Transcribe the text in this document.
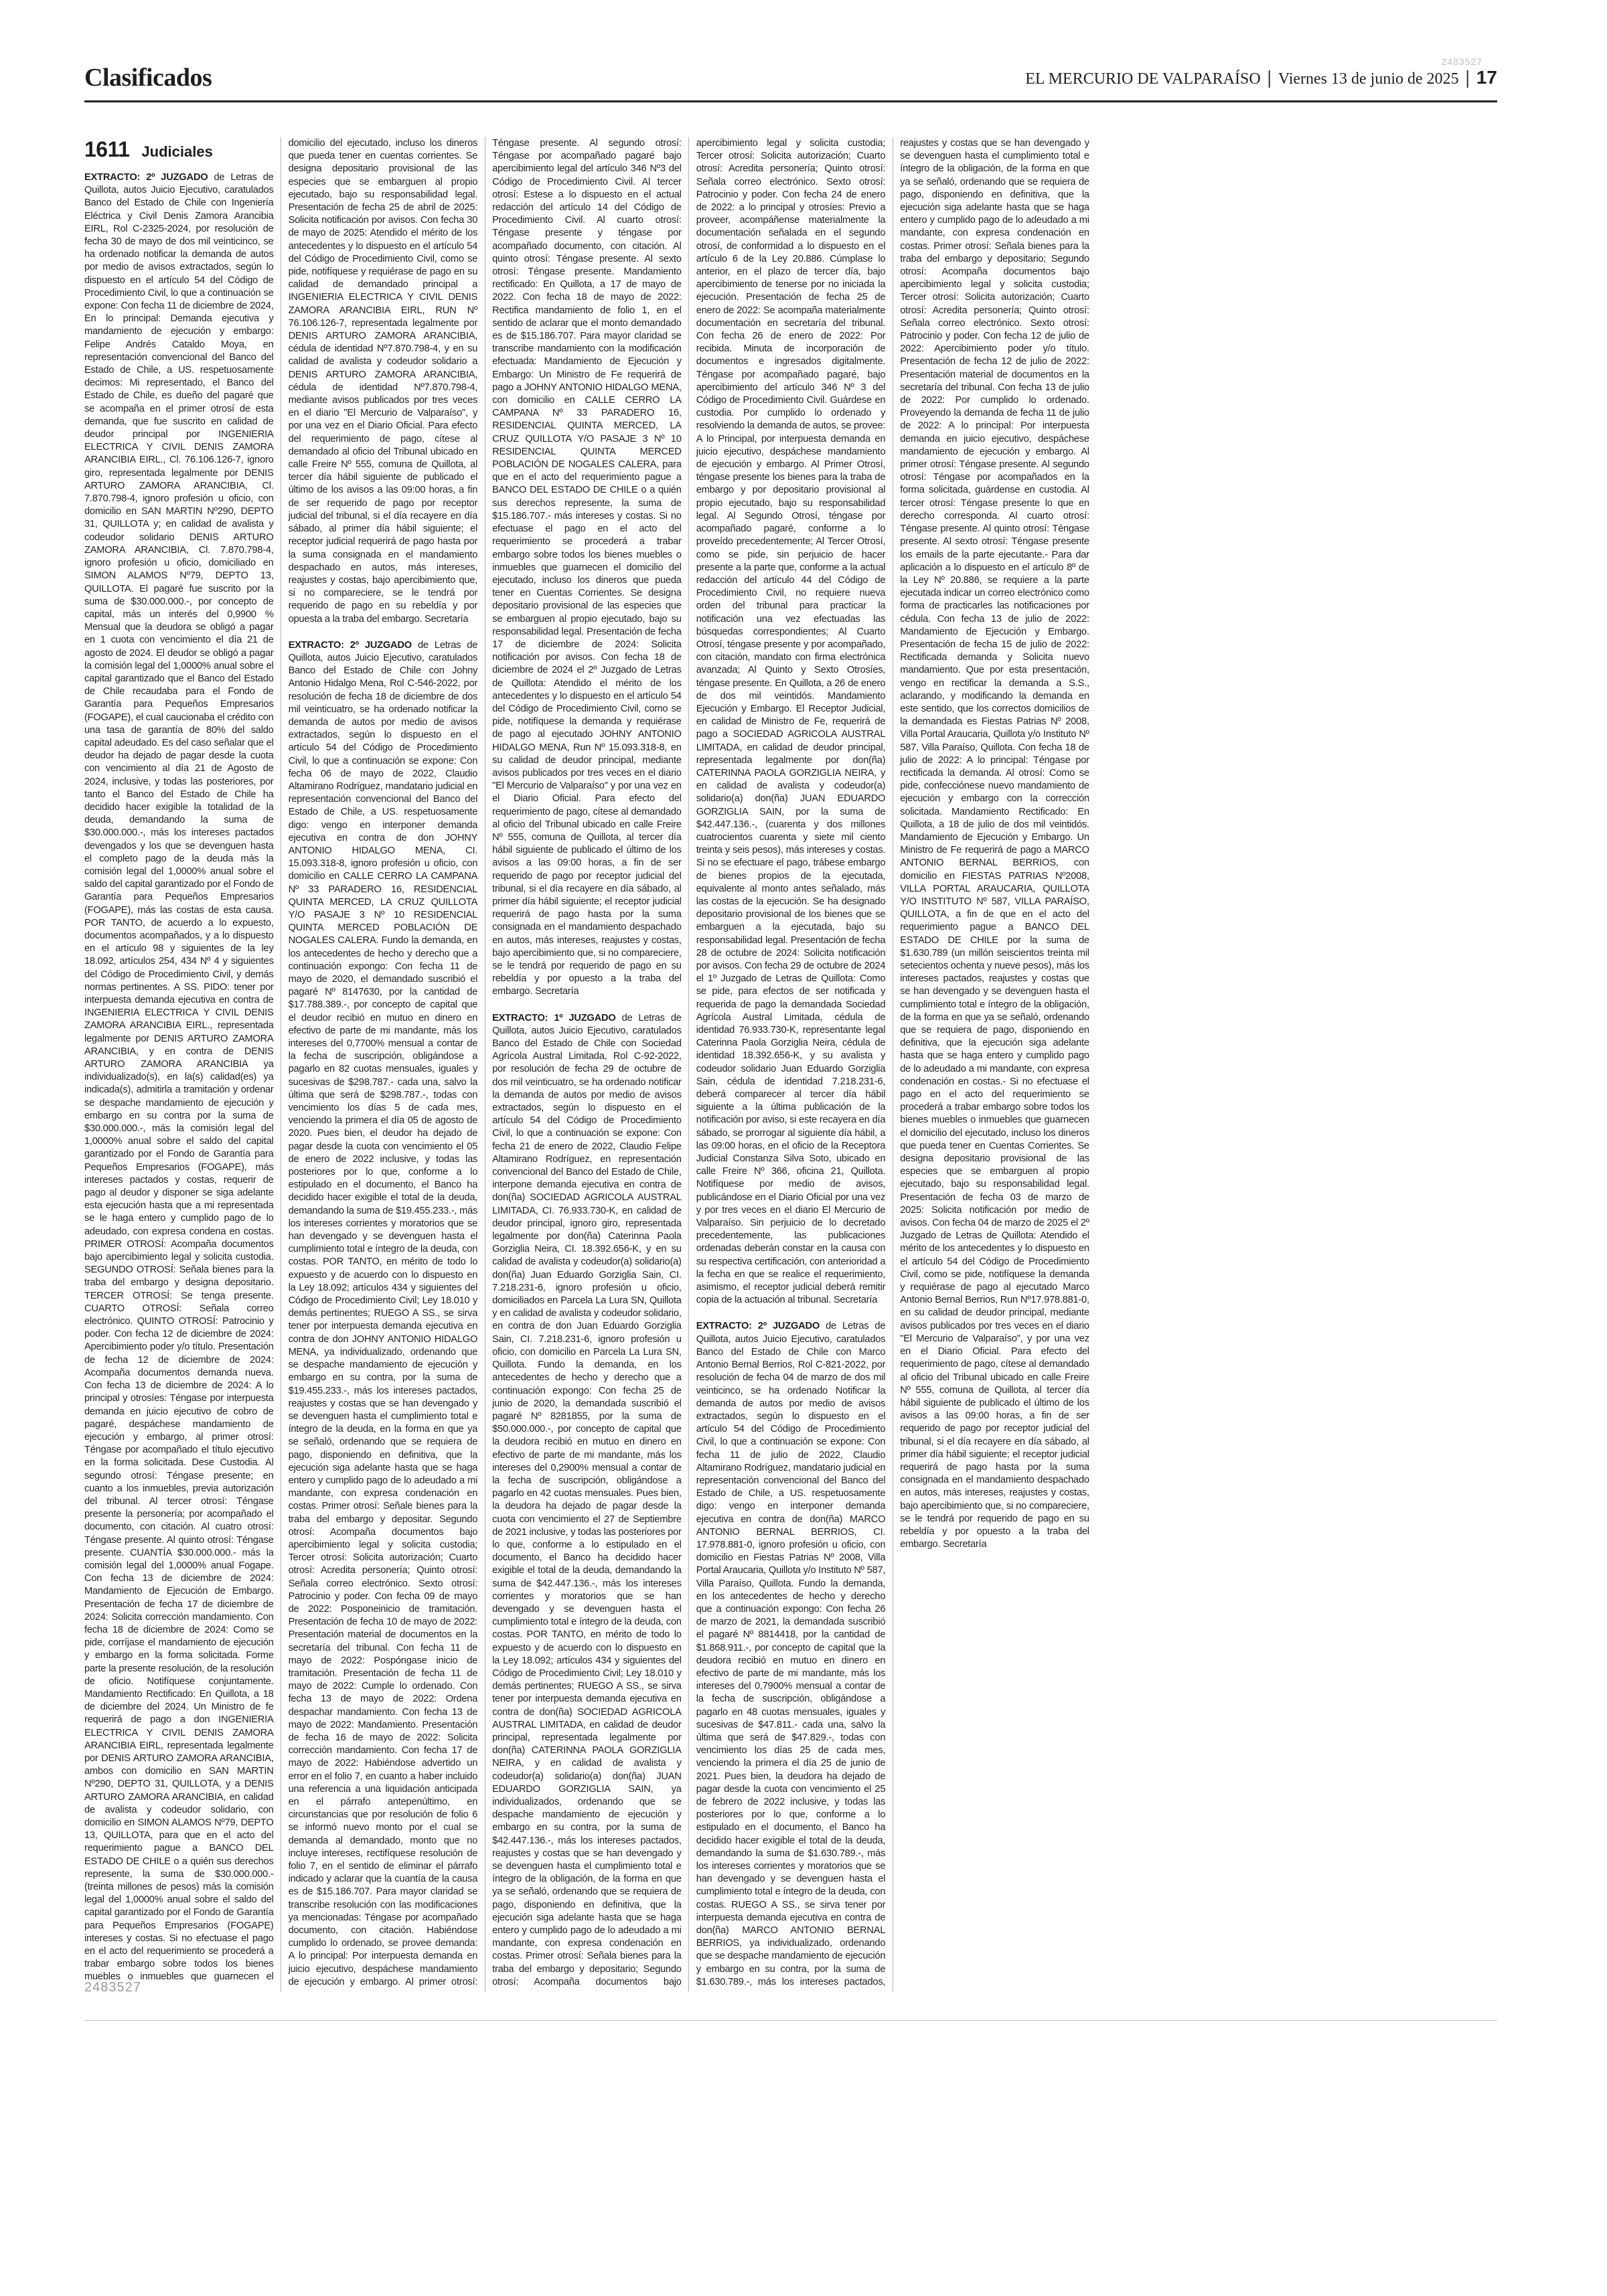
2483527
Clasificados	EL MERCURIO DE VALPARAÍSO | Viernes 13 de junio de 2025 | 17
1611 Judiciales

EXTRACTO: 2º JUZGADO de Letras de Quillota, autos Juicio Ejecutivo, caratulados Banco del Estado de Chile con Ingeniería Eléctrica y Civil Denis Zamora Arancibia EIRL, Rol C-2325-2024, por resolución de fecha 30 de mayo de dos mil veinticinco, se ha ordenado notificar la demanda de autos por medio de avisos extractados, según lo dispuesto en el artículo 54 del Código de Procedimiento Civil, lo que a continuación se expone: Con fecha 11 de diciembre de 2024, En lo principal: Demanda ejecutiva y mandamiento de ejecución y embargo: Felipe Andrés Cataldo Moya, en representación convencional del Banco del Estado de Chile, a US. respetuosamente decimos: Mi representado, el Banco del Estado de Chile, es dueño del pagaré que se acompaña en el primer otrosí de esta demanda, que fue suscrito en calidad de deudor principal por INGENIERIA ELECTRICA Y CIVIL DENIS ZAMORA ARANCIBIA EIRL., Cl. 76.106.126-7, ignoro giro, representada legalmente por DENIS ARTURO ZAMORA ARANCIBIA, Cl. 7.870.798-4, ignoro profesión u oficio, con domicilio en SAN MARTIN Nº290, DEPTO 31, QUILLOTA y; en calidad de avalista y codeudor solidario DENIS ARTURO ZAMORA ARANCIBIA, Cl. 7.870.798-4, ignoro profesión u oficio, domiciliado en SIMON ALAMOS Nº79, DEPTO 13, QUILLOTA. El pagaré fue suscrito por la suma de $30.000.000.-, por concepto de capital, más un interés del 0,9900 % Mensual que la deudora se obligó a pagar en 1 cuota con vencimiento el día 21 de agosto de 2024. El deudor se obligó a pagar la comisión legal del 1,0000% anual sobre el capital garantizado que el Banco del Estado de Chile recaudaba para el Fondo de Garantía para Pequeños Empresarios (FOGAPE), el cual caucionaba el crédito con una tasa de garantía de 80% del saldo capital adeudado. Es del caso señalar que el deudor ha dejado de pagar desde la cuota con vencimiento al día 21 de Agosto de 2024, inclusive, y todas las posteriores, por tanto el Banco del Estado de Chile ha decidido hacer exigible la totalidad de la deuda, demandando la suma de $30.000.000.-, más los intereses pactados devengados y los que se devenguen hasta el completo pago de la deuda más la comisión legal del 1,0000% anual sobre el saldo del capital garantizado por el Fondo de Garantía para Pequeños Empresarios (FOGAPE), más las costas de esta causa. POR TANTO, de acuerdo a lo expuesto, documentos acompañados, y a lo dispuesto en el artículo 98 y siguientes de la ley 18.092, artículos 254, 434 Nº 4 y siguientes del Código de Procedimiento Civil, y demás normas pertinentes. A SS. PIDO: tener por interpuesta demanda ejecutiva en contra de INGENIERIA ELECTRICA Y CIVIL DENIS ZAMORA ARANCIBIA EIRL., representada legalmente por DENIS ARTURO ZAMORA ARANCIBIA, y en contra de DENIS ARTURO ZAMORA ARANCIBIA ya individualizado(s), en la(s) calidad(es) ya indicada(s), admitirla a tramitación y ordenar se despache mandamiento de ejecución y embargo en su contra por la suma de $30.000.000.-, más la comisión legal del 1,0000% anual sobre el saldo del capital garantizado por el Fondo de Garantía para Pequeños Empresarios (FOGAPE), más intereses pactados y costas, requerir de pago al deudor y disponer se siga adelante esta ejecución hasta que a mi representada se le haga entero y cumplido pago de lo adeudado, con expresa condena en costas. PRIMER OTROSÍ: Acompaña documentos bajo apercibimiento legal y solicita custodia. SEGUNDO OTROSÍ: Señala bienes para la traba del embargo y designa depositario. TERCER OTROSÍ: Se tenga presente. CUARTO OTROSÍ: Señala correo electrónico. QUINTO OTROSÍ: Patrocinio y poder. Con fecha 12 de diciembre de 2024: Apercibimiento poder y/o título. Presentación de fecha 12 de diciembre de 2024: Acompaña documentos demanda nueva. Con fecha 13 de diciembre de 2024: A lo principal y otrosíes: Téngase por interpuesta demanda en juicio ejecutivo de cobro de pagaré, despáchese mandamiento de ejecución y embargo, al primer otrosí: Téngase por acompañado el título ejecutivo en la forma solicitada. Dese Custodia. Al segundo otrosí: Téngase presente; en cuanto a los inmuebles, previa autorización del tribunal. Al tercer otrosí: Téngase presente la personería; por acompañado el documento, con citación. Al cuatro otrosí: Téngase presente. Al quinto otrosí: Téngase presente. CUANTÍA $30.000.000.- más la comisión legal del 1,0000% anual Fogape. Con fecha 13 de diciembre de 2024: Mandamiento de Ejecución de Embargo. Presentación de fecha 17 de diciembre de 2024: Solicita corrección mandamiento. Con fecha 18 de diciembre de 2024: Como se pide, corríjase el mandamiento de ejecución y embargo en la forma solicitada. Forme parte la presente resolución, de la resolución de oficio. Notifíquese conjuntamente. Mandamiento Rectificado: En Quillota, a 18 de diciembre del 2024. Un Ministro de fe requerirá de pago a don INGENIERIA ELECTRICA Y CIVIL DENIS ZAMORA ARANCIBIA EIRL, representada legalmente por DENIS ARTURO ZAMORA ARANCIBIA, ambos con domicilio en SAN MARTIN Nº290, DEPTO 31, QUILLOTA, y a DENIS ARTURO ZAMORA ARANCIBIA, en calidad de avalista y codeudor solidario, con domicilio en SIMON ALAMOS Nº79, DEPTO 13, QUILLOTA, para que en el acto del requerimiento pague a BANCO DEL ESTADO DE CHILE o a quién sus derechos represente, la suma de $30.000.000.- (treinta millones de pesos) más la comisión legal del 1,0000% anual sobre el saldo del capital garantizado por el Fondo de Garantía para Pequeños Empresarios (FOGAPE) intereses y costas. Si no efectuase el pago en el acto del requerimiento se procederá a trabar embargo sobre todos los bienes muebles o inmuebles que guarnecen el domicilio del ejecutado, incluso los dineros que pueda tener en cuentas corrientes. Se designa depositario provisional de las especies que se embarguen al propio ejecutado, bajo su responsabilidad legal. Presentación de fecha 25 de abril de 2025: Solicita notificación por avisos. Con fecha 30 de mayo de 2025: Atendido el mérito de los antecedentes y lo dispuesto en el artículo 54 del Código de Procedimiento Civil, como se pide, notifíquese y requiérase de pago en su calidad de demandado principal a INGENIERIA ELECTRICA Y CIVIL DENIS ZAMORA ARANCIBIA EIRL, RUN Nº 76.106.126-7, representada legalmente por DENIS ARTURO ZAMORA ARANCIBIA, cédula de identidad Nº7.870.798-4, y en su calidad de avalista y codeudor solidario a DENIS ARTURO ZAMORA ARANCIBIA, cédula de identidad Nº7.870.798-4, mediante avisos publicados por tres veces en el diario "El Mercurio de Valparaíso", y por una vez en el Diario Oficial. Para efecto del requerimiento de pago, cítese al demandado al oficio del Tribunal ubicado en calle Freire Nº 555, comuna de Quillota, al tercer día hábil siguiente de publicado el último de los avisos a las 09:00 horas, a fin de ser requerido de pago por receptor judicial del tribunal, si el día recayere en día sábado, al primer día hábil siguiente; el receptor judicial requerirá de pago hasta por la suma consignada en el mandamiento despachado en autos, más intereses, reajustes y costas, bajo apercibimiento que, si no compareciere, se le tendrá por requerido de pago en su rebeldía y por opuesta a la traba del embargo. Secretaría

EXTRACTO: 2º JUZGADO de Letras de Quillota, autos Juicio Ejecutivo, caratulados Banco del Estado de Chile con Johny Antonio Hidalgo Mena, Rol C-546-2022, por resolución de fecha 18 de diciembre de dos mil veinticuatro, se ha ordenado notificar la demanda de autos por medio de avisos extractados, según lo dispuesto en el artículo 54 del Código de Procedimiento Civil, lo que a continuación se expone: Con fecha 06 de mayo de 2022, Claudio Altamirano Rodríguez, mandatario judicial en representación convencional del Banco del Estado de Chile, a US. respetuosamente digo: vengo en interponer demanda ejecutiva en contra de don JOHNY ANTONIO HIDALGO MENA, CI. 15.093.318-8, ignoro profesión u oficio, con domicilio en CALLE CERRO LA CAMPANA Nº 33 PARADERO 16, RESIDENCIAL QUINTA MERCED, LA CRUZ QUILLOTA Y/O PASAJE 3 Nº 10 RESIDENCIAL QUINTA MERCED POBLACIÓN DE NOGALES CALERA. Fundo la demanda, en los antecedentes de hecho y derecho que a continuación expongo: Con fecha 11 de mayo de 2020, el demandado suscribió el pagaré Nº 8147630, por la cantidad de $17.788.389.-, por concepto de capital que el deudor recibió en mutuo en dinero en efectivo de parte de mi mandante, más los intereses del 0,7700% mensual a contar de la fecha de suscripción, obligándose a pagarlo en 82 cuotas mensuales, iguales y sucesivas de $298.787.- cada una, salvo la última que será de $298.787.-, todas con vencimiento los días 5 de cada mes, venciendo la primera el día 05 de agosto de 2020. Pues bien, el deudor ha dejado de pagar desde la cuota con vencimiento el 05 de enero de 2022 inclusive, y todas las posteriores por lo que, conforme a lo estipulado en el documento, el Banco ha decidido hacer exigible el total de la deuda, demandando la suma de $19.455.233.-, más los intereses corrientes y moratorios que se han devengado y se devenguen hasta el cumplimiento total e íntegro de la deuda, con costas. POR TANTO, en mérito de todo lo expuesto y de acuerdo con lo dispuesto en la Ley 18.092; artículos 434 y siguientes del Código de Procedimiento Civil; Ley 18.010 y demás pertinentes; RUEGO A SS., se sirva tener por interpuesta demanda ejecutiva en contra de don JOHNY ANTONIO HIDALGO MENA, ya individualizado, ordenando que se despache mandamiento de ejecución y embargo en su contra, por la suma de $19.455.233.-, más los intereses pactados, reajustes y costas que se han devengado y se devenguen hasta el cumplimiento total e íntegro de la deuda, en la forma en que ya se señaló, ordenando que se requiera de pago, disponiendo en definitiva, que la ejecución siga adelante hasta que se haga entero y cumplido pago de lo adeudado a mi mandante, con expresa condenación en costas. Primer otrosí: Señale bienes para la traba del embargo y depositar. Segundo otrosí: Acompaña documentos bajo apercibimiento legal y solicita custodia; Tercer otrosí: Solicita autorización; Cuarto otrosí: Acredita personería; Quinto otrosí: Señala correo electrónico. Sexto otrosí: Patrocinio y poder. Con fecha 09 de mayo de 2022: Posponeinicio de tramitación. Presentación de fecha 10 de mayo de 2022: Presentación material de documentos en la secretaría del tribunal. Con fecha 11 de mayo de 2022: Pospóngase inicio de tramitación. Presentación de fecha 11 de mayo de 2022: Cumple lo ordenado. Con fecha 13 de mayo de 2022: Ordena despachar mandamiento. Con fecha 13 de mayo de 2022: Mandamiento. Presentación de fecha 16 de mayo de 2022: Solicita corrección mandamiento. Con fecha 17 de mayo de 2022: Habiéndose advertido un error en el folio 7, en cuanto a haber incluido una referencia a una liquidación anticipada en el párrafo antepenúltimo, en circunstancias que por resolución de folio 6 se informó nuevo monto por el cual se demanda al demandado, monto que no incluye intereses, rectifíquese resolución de folio 7, en el sentido de eliminar el párrafo indicado y aclarar que la cuantía de la causa es de $15.186.707. Para mayor claridad se transcribe resolución con las modificaciones ya mencionadas: Téngase por acompañado documento, con citación. Habiéndose cumplido lo ordenado, se provee demanda: A lo principal: Por interpuesta demanda en juicio ejecutivo, despáchese mandamiento de ejecución y embargo. Al primer otrosí: Téngase presente. Al segundo otrosí: Téngase por acompañado pagaré bajo apercibimiento legal del artículo 346 Nº3 del Código de Procedimiento Civil. Al tercer otrosí: Estese a lo dispuesto en el actual redacción del artículo 14 del Código de Procedimiento Civil. Al cuarto otrosí: Téngase presente y téngase por acompañado documento, con citación. Al quinto otrosí: Téngase presente. Al sexto otrosí: Téngase presente. Mandamiento rectificado: En Quillota, a 17 de mayo de 2022. Con fecha 18 de mayo de 2022: Rectifica mandamiento de folio 1, en el sentido de aclarar que el monto demandado es de $15.186.707. Para mayor claridad se transcribe mandamiento con la modificación efectuada: Mandamiento de Ejecución y Embargo: Un Ministro de Fe requerirá de pago a JOHNY ANTONIO HIDALGO MENA, con domicilio en CALLE CERRO LA CAMPANA Nº 33 PARADERO 16, RESIDENCIAL QUINTA MERCED, LA CRUZ QUILLOTA Y/O PASAJE 3 Nº 10 RESIDENCIAL QUINTA MERCED POBLACIÓN DE NOGALES CALERA, para que en el acto del requerimiento pague a BANCO DEL ESTADO DE CHILE o a quién sus derechos represente, la suma de $15.186.707.- más intereses y costas. Si no efectuase el pago en el acto del requerimiento se procederá a trabar embargo sobre todos los bienes muebles o inmuebles que guarnecen el domicilio del ejecutado, incluso los dineros que pueda tener en Cuentas Corrientes. Se designa depositario provisional de las especies que se embarguen al propio ejecutado, bajo su responsabilidad legal. Presentación de fecha 17 de diciembre de 2024: Solicita notificación por avisos. Con fecha 18 de diciembre de 2024 el 2º Juzgado de Letras de Quillota: Atendido el mérito de los antecedentes y lo dispuesto en el artículo 54 del Código de Procedimiento Civil, como se pide, notifíquese la demanda y requiérase de pago al ejecutado JOHNY ANTONIO HIDALGO MENA, Run Nº 15.093.318-8, en su calidad de deudor principal, mediante avisos publicados por tres veces en el diario "El Mercurio de Valparaíso" y por una vez en el Diario Oficial. Para efecto del requerimiento de pago, cítese al demandado al oficio del Tribunal ubicado en calle Freire Nº 555, comuna de Quillota, al tercer día hábil siguiente de publicado el último de los avisos a las 09:00 horas, a fin de ser requerido de pago por receptor judicial del tribunal, si el día recayere en día sábado, al primer día hábil siguiente; el receptor judicial requerirá de pago hasta por la suma consignada en el mandamiento despachado en autos, más intereses, reajustes y costas, bajo apercibimiento que, si no compareciere, se le tendrá por requerido de pago en su rebeldía y por opuesto a la traba del embargo. Secretaría

EXTRACTO: 1º JUZGADO de Letras de Quillota, autos Juicio Ejecutivo, caratulados Banco del Estado de Chile con Sociedad Agrícola Austral Limitada, Rol C-92-2022, por resolución de fecha 29 de octubre de dos mil veinticuatro, se ha ordenado notificar la demanda de autos por medio de avisos extractados, según lo dispuesto en el artículo 54 del Código de Procedimiento Civil, lo que a continuación se expone: Con fecha 21 de enero de 2022, Claudio Felipe Altamirano Rodríguez, en representación convencional del Banco del Estado de Chile, interpone demanda ejecutiva en contra de don(ña) SOCIEDAD AGRICOLA AUSTRAL LIMITADA, CI. 76.933.730-K, en calidad de deudor principal, ignoro giro, representada legalmente por don(ña) Caterinna Paola Gorziglia Neira, CI. 18.392.656-K, y en su calidad de avalista y codeudor(a) solidario(a) don(ña) Juan Eduardo Gorziglia Sain, CI. 7.218.231-6, ignoro profesión u oficio, domiciliados en Parcela La Lura SN, Quillota y en calidad de avalista y codeudor solidario, en contra de don Juan Eduardo Gorziglia Sain, CI. 7.218.231-6, ignoro profesión u oficio, con domicilio en Parcela La Lura SN, Quillota. Fundo la demanda, en los antecedentes de hecho y derecho que a continuación expongo: Con fecha 25 de junio de 2020, la demandada suscribió el pagaré Nº 8281855, por la suma de $50.000.000.-, por concepto de capital que la deudora recibió en mutuo en dinero en efectivo de parte de mi mandante, más los intereses del 0,2900% mensual a contar de la fecha de suscripción, obligándose a pagarlo en 42 cuotas mensuales. Pues bien, la deudora ha dejado de pagar desde la cuota con vencimiento el 27 de Septiembre de 2021 inclusive, y todas las posteriores por lo que, conforme a lo estipulado en el documento, el Banco ha decidido hacer exigible el total de la deuda, demandando la suma de $42.447.136.-, más los intereses corrientes y moratorios que se han devengado y se devenguen hasta el cumplimiento total e íntegro de la deuda, con costas. POR TANTO, en mérito de todo lo expuesto y de acuerdo con lo dispuesto en la Ley 18.092; artículos 434 y siguientes del Código de Procedimiento Civil; Ley 18.010 y demás pertinentes; RUEGO A SS., se sirva tener por interpuesta demanda ejecutiva en contra de don(ña) SOCIEDAD AGRICOLA AUSTRAL LIMITADA, en calidad de deudor principal, representada legalmente por don(ña) CATERINNA PAOLA GORZIGLIA NEIRA, y en calidad de avalista y codeudor(a) solidario(a) don(ña) JUAN EDUARDO GORZIGLIA SAIN, ya individualizados, ordenando que se despache mandamiento de ejecución y embargo en su contra, por la suma de $42.447.136.-, más los intereses pactados, reajustes y costas que se han devengado y se devenguen hasta el cumplimiento total e íntegro de la obligación, de la forma en que ya se señaló, ordenando que se requiera de pago, disponiendo en definitiva, que la ejecución siga adelante hasta que se haga entero y cumplido pago de lo adeudado a mi mandante, con expresa condenación en costas. Primer otrosí: Señala bienes para la traba del embargo y depositario; Segundo otrosí: Acompaña documentos bajo apercibimiento legal y solicita custodia; Tercer otrosí: Solicita autorización; Cuarto otrosí: Acredita personería; Quinto otrosí: Señala correo electrónico. Sexto otrosí: Patrocinio y poder. Con fecha 24 de enero de 2022: a lo principal y otrosíes: Previo a proveer, acompáñense materialmente la documentación señalada en el segundo otrosí, de conformidad a lo dispuesto en el artículo 6 de la Ley 20.886. Cúmplase lo anterior, en el plazo de tercer día, bajo apercibimiento de tenerse por no iniciada la ejecución. Presentación de fecha 25 de enero de 2022: Se acompaña materialmente documentación en secretaría del tribunal. Con fecha 26 de enero de 2022: Por recibida. Minuta de incorporación de documentos e ingresados digitalmente. Téngase por acompañado pagaré, bajo apercibimiento del artículo 346 Nº 3 del Código de Procedimiento Civil. Guárdese en custodia. Por cumplido lo ordenado y resolviendo la demanda de autos, se provee: A lo Principal, por interpuesta demanda en juicio ejecutivo, despáchese mandamiento de ejecución y embargo. Al Primer Otrosí, téngase presente los bienes para la traba de embargo y por depositario provisional al propio ejecutado, bajo su responsabilidad legal. Al Segundo Otrosí, téngase por acompañado pagaré, conforme a lo proveído precedentemente; Al Tercer Otrosí, como se pide, sin perjuicio de hacer presente a la parte que, conforme a la actual redacción del artículo 44 del Código de Procedimiento Civil, no requiere nueva orden del tribunal para practicar la notificación una vez efectuadas las búsquedas correspondientes; Al Cuarto Otrosí, téngase presente y por acompañado, con citación, mandato con firma electrónica avanzada; Al Quinto y Sexto Otrosíes, téngase presente. En Quillota, a 26 de enero de dos mil veintidós. Mandamiento Ejecución y Embargo. El Receptor Judicial, en calidad de Ministro de Fe, requerirá de pago a SOCIEDAD AGRICOLA AUSTRAL LIMITADA, en calidad de deudor principal, representada legalmente por don(ña) CATERINNA PAOLA GORZIGLIA NEIRA, y en calidad de avalista y codeudor(a) solidario(a) don(ña) JUAN EDUARDO GORZIGLIA SAIN, por la suma de $42.447.136.-, (cuarenta y dos millones cuatrocientos cuarenta y siete mil ciento treinta y seis pesos), más intereses y costas. Si no se efectuare el pago, trábese embargo de bienes propios de la ejecutada, equivalente al monto antes señalado, más las costas de la ejecución. Se ha designado depositario provisional de los bienes que se embarguen a la ejecutada, bajo su responsabilidad legal. Presentación de fecha 28 de octubre de 2024: Solicita notificación por avisos. Con fecha 29 de octubre de 2024 el 1º Juzgado de Letras de Quillota: Como se pide, para efectos de ser notificada y requerida de pago la demandada Sociedad Agrícola Austral Limitada, cédula de identidad 76.933.730-K, representante legal Caterinna Paola Gorziglia Neira, cédula de identidad 18.392.656-K, y su avalista y codeudor solidario Juan Eduardo Gorziglia Sain, cédula de identidad 7.218.231-6, deberá comparecer al tercer día hábil siguiente a la última publicación de la notificación por aviso, si este recayera en día sábado, se prorrogar al siguiente día hábil, a las 09:00 horas, en el oficio de la Receptora Judicial Constanza Silva Soto, ubicado en calle Freire Nº 366, oficina 21, Quillota. Notifíquese por medio de avisos, publicándose en el Diario Oficial por una vez y por tres veces en el diario El Mercurio de Valparaíso. Sin perjuicio de lo decretado precedentemente, las publicaciones ordenadas deberán constar en la causa con su respectiva certificación, con anterioridad a la fecha en que se realice el requerimiento, asimismo, el receptor judicial deberá remitir copia de la actuación al tribunal. Secretaría

EXTRACTO: 2º JUZGADO de Letras de Quillota, autos Juicio Ejecutivo, caratulados Banco del Estado de Chile con Marco Antonio Bernal Berrios, Rol C-821-2022, por resolución de fecha 04 de marzo de dos mil veinticinco, se ha ordenado Notificar la demanda de autos por medio de avisos extractados, según lo dispuesto en el artículo 54 del Código de Procedimiento Civil, lo que a continuación se expone: Con fecha 11 de julio de 2022, Claudio Altamirano Rodríguez, mandatario judicial en representación convencional del Banco del Estado de Chile, a US. respetuosamente digo: vengo en interponer demanda ejecutiva en contra de don(ña) MARCO ANTONIO BERNAL BERRIOS, CI. 17.978.881-0, ignoro profesión u oficio, con domicilio en Fiestas Patrias Nº 2008, Villa Portal Araucaria, Quillota y/o Instituto Nº 587, Villa Paraíso, Quillota. Fundo la demanda, en los antecedentes de hecho y derecho que a continuación expongo: Con fecha 26 de marzo de 2021, la demandada suscribió el pagaré Nº 8814418, por la cantidad de $1.868.911.-, por concepto de capital que la deudora recibió en mutuo en dinero en efectivo de parte de mi mandante, más los intereses del 0,7900% mensual a contar de la fecha de suscripción, obligándose a pagarlo en 48 cuotas mensuales, iguales y sucesivas de $47.811.- cada una, salvo la última que será de $47.829.-, todas con vencimiento los días 25 de cada mes, venciendo la primera el día 25 de junio de 2021. Pues bien, la deudora ha dejado de pagar desde la cuota con vencimiento el 25 de febrero de 2022 inclusive, y todas las posteriores por lo que, conforme a lo estipulado en el documento, el Banco ha decidido hacer exigible el total de la deuda, demandando la suma de $1.630.789.-, más los intereses corrientes y moratorios que se han devengado y se devenguen hasta el cumplimiento total e íntegro de la deuda, con costas. RUEGO A SS., se sirva tener por interpuesta demanda ejecutiva en contra de don(ña) MARCO ANTONIO BERNAL BERRIOS, ya individualizado, ordenando que se despache mandamiento de ejecución y embargo en su contra, por la suma de $1.630.789.-, más los intereses pactados, reajustes y costas que se han devengado y se devenguen hasta el cumplimiento total e íntegro de la obligación, de la forma en que ya se señaló, ordenando que se requiera de pago, disponiendo en definitiva, que la ejecución siga adelante hasta que se haga entero y cumplido pago de lo adeudado a mi mandante, con expresa condenación en costas. Primer otrosí: Señala bienes para la traba del embargo y depositario; Segundo otrosí: Acompaña documentos bajo apercibimiento legal y solicita custodia; Tercer otrosí: Solicita autorización; Cuarto otrosí: Acredita personería; Quinto otrosí: Señala correo electrónico. Sexto otrosí: Patrocinio y poder. Con fecha 12 de julio de 2022: Apercibimiento poder y/o título. Presentación de fecha 12 de julio de 2022: Presentación material de documentos en la secretaría del tribunal. Con fecha 13 de julio de 2022: Por cumplido lo ordenado. Proveyendo la demanda de fecha 11 de julio de 2022: A lo principal: Por interpuesta demanda en juicio ejecutivo, despáchese mandamiento de ejecución y embargo. Al primer otrosí: Téngase presente. Al segundo otrosí: Téngase por acompañados en la forma solicitada, guárdense en custodia. Al tercer otrosí: Téngase presente lo que en derecho corresponda. Al cuarto otrosí: Téngase presente. Al quinto otrosí: Téngase presente. Al sexto otrosí: Téngase presente los emails de la parte ejecutante.- Para dar aplicación a lo dispuesto en el artículo 8º de la Ley Nº 20.886, se requiere a la parte ejecutada indicar un correo electrónico como forma de practicarles las notificaciones por cédula. Con fecha 13 de julio de 2022: Mandamiento de Ejecución y Embargo. Presentación de fecha 15 de julio de 2022: Rectificada demanda y Solicita nuevo mandamiento. Que por esta presentación, vengo en rectificar la demanda a S.S., aclarando, y modificando la demanda en este sentido, que los correctos domicilios de la demandada es Fiestas Patrias Nº 2008, Villa Portal Araucaria, Quillota y/o Instituto Nº 587, Villa Paraíso, Quillota. Con fecha 18 de julio de 2022: A lo principal: Téngase por rectificada la demanda. Al otrosí: Como se pide, confecciónese nuevo mandamiento de ejecución y embargo con la corrección solicitada. Mandamiento Rectificado: En Quillota, a 18 de julio de dos mil veintidós. Mandamiento de Ejecución y Embargo. Un Ministro de Fe requerirá de pago a MARCO ANTONIO BERNAL BERRIOS, con domicilio en FIESTAS PATRIAS Nº2008, VILLA PORTAL ARAUCARIA, QUILLOTA Y/O INSTITUTO Nº 587, VILLA PARAÍSO, QUILLOTA, a fin de que en el acto del requerimiento pague a BANCO DEL ESTADO DE CHILE por la suma de $1.630.789 (un millón seiscientos treinta mil setecientos ochenta y nueve pesos), más los intereses pactados, reajustes y costas que se han devengado y se devenguen hasta el cumplimiento total e íntegro de la obligación, de la forma en que ya se señaló, ordenando que se requiera de pago, disponiendo en definitiva, que la ejecución siga adelante hasta que se haga entero y cumplido pago de lo adeudado a mi mandante, con expresa condenación en costas.- Si no efectuase el pago en el acto del requerimiento se procederá a trabar embargo sobre todos los bienes muebles o inmuebles que guarnecen el domicilio del ejecutado, incluso los dineros que pueda tener en Cuentas Corrientes. Se designa depositario provisional de las especies que se embarguen al propio ejecutado, bajo su responsabilidad legal. Presentación de fecha 03 de marzo de 2025: Solicita notificación por medio de avisos. Con fecha 04 de marzo de 2025 el 2º Juzgado de Letras de Quillota: Atendido el mérito de los antecedentes y lo dispuesto en el artículo 54 del Código de Procedimiento Civil, como se pide, notifíquese la demanda y requiérase de pago al ejecutado Marco Antonio Bernal Berrios, Run Nº17.978.881-0, en su calidad de deudor principal, mediante avisos publicados por tres veces en el diario "El Mercurio de Valparaíso", y por una vez en el Diario Oficial. Para efecto del requerimiento de pago, cítese al demandado al oficio del Tribunal ubicado en calle Freire Nº 555, comuna de Quillota, al tercer día hábil siguiente de publicado el último de los avisos a las 09:00 horas, a fin de ser requerido de pago por receptor judicial del tribunal, si el día recayere en día sábado, al primer día hábil siguiente; el receptor judicial requerirá de pago hasta por la suma consignada en el mandamiento despachado en autos, más intereses, reajustes y costas, bajo apercibimiento que, si no compareciere, se le tendrá por requerido de pago en su rebeldía y por opuesto a la traba del embargo. Secretaría

2483527
